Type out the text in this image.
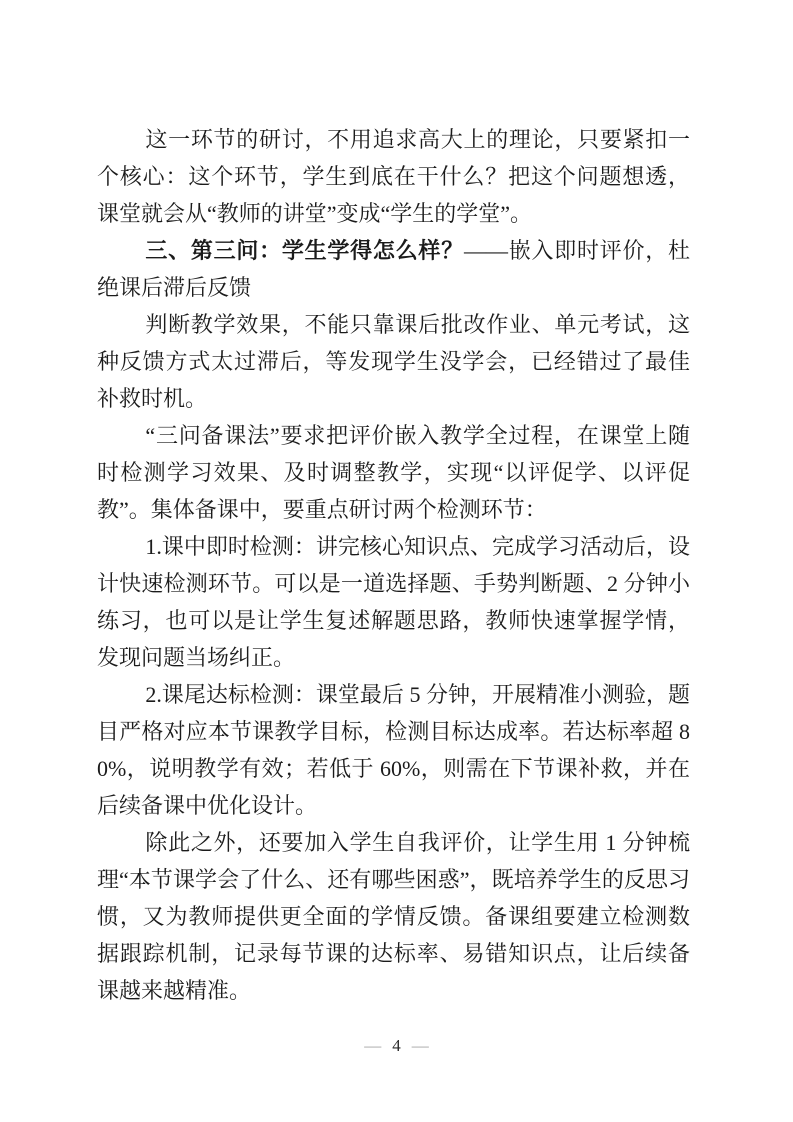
这一环节的研讨，不用追求高大上的理论，只要紧扣一个核心：这个环节，学生到底在干什么？把这个问题想透，课堂就会从“教师的讲堂”变成“学生的学堂”。

三、第三问：学生学得怎么样？——嵌入即时评价，杜绝课后滞后反馈

判断教学效果，不能只靠课后批改作业、单元考试，这种反馈方式太过滞后，等发现学生没学会，已经错过了最佳补救时机。

“三问备课法”要求把评价嵌入教学全过程，在课堂上随时检测学习效果、及时调整教学，实现“以评促学、以评促教”。集体备课中，要重点研讨两个检测环节：

1.课中即时检测：讲完核心知识点、完成学习活动后，设计快速检测环节。可以是一道选择题、手势判断题、2 分钟小练习，也可以是让学生复述解题思路，教师快速掌握学情，发现问题当场纠正。

2.课尾达标检测：课堂最后 5 分钟，开展精准小测验，题目严格对应本节课教学目标，检测目标达成率。若达标率超 80%，说明教学有效；若低于 60%，则需在下节课补救，并在后续备课中优化设计。

除此之外，还要加入学生自我评价，让学生用 1 分钟梳理“本节课学会了什么、还有哪些困惑”，既培养学生的反思习惯，又为教师提供更全面的学情反馈。备课组要建立检测数据跟踪机制，记录每节课的达标率、易错知识点，让后续备课越来越精准。

— 4 —
